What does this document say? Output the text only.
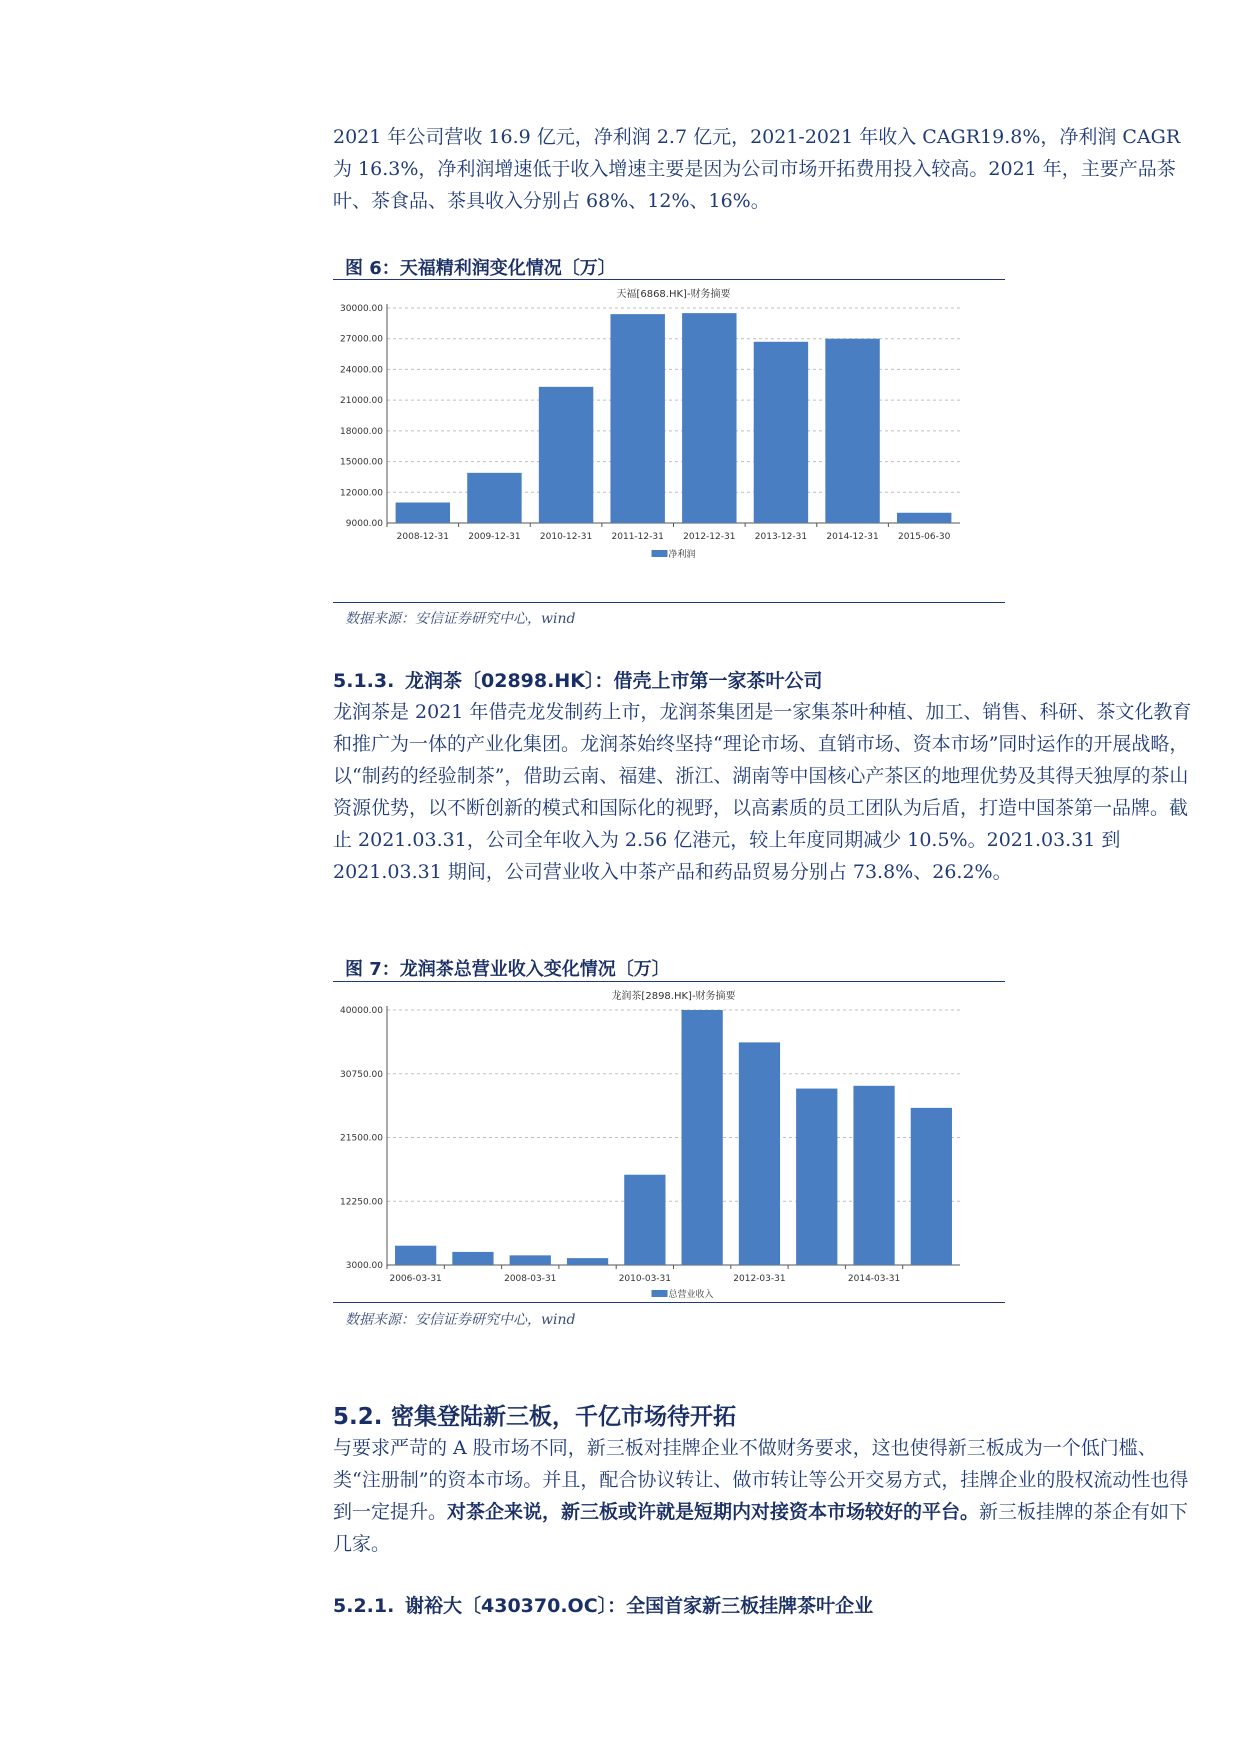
2021 年公司营收 16.9 亿元，净利润 2.7 亿元，2021-2021 年收入 CAGR19.8%，净利润 CAGR 为 16.3%，净利润增速低于收入增速主要是因为公司市场开拓费用投入较高。2021 年，主要产品茶叶、茶食品、茶具收入分别占 68%、12%、16%。

图 6：天福精利润变化情况〔万〕
天福[6868.HK]-财务摘要
9000.00
12000.00
15000.00
18000.00
21000.00
24000.00
27000.00
30000.00
2008-12-31 2009-12-31 2010-12-31 2011-12-31 2012-12-31 2013-12-31 2014-12-31 2015-06-30
净利润
数据来源：安信证券研究中心，wind
5.1.3. 龙润茶〔02898.HK〕：借壳上市第一家茶叶公司

龙润茶是 2021 年借壳龙发制药上市，龙润茶集团是一家集茶叶种植、加工、销售、科研、茶文化教育和推广为一体的产业化集团。龙润茶始终坚持“理论市场、直销市场、资本市场”同时运作的开展战略，以“制药的经验制茶”，借助云南、福建、浙江、湖南等中国核心产茶区的地理优势及其得天独厚的茶山资源优势，以不断创新的模式和国际化的视野，以高素质的员工团队为后盾，打造中国茶第一品牌。截止 2021.03.31，公司全年收入为 2.56 亿港元，较上年度同期减少 10.5%。2021.03.31 到 2021.03.31 期间，公司营业收入中茶产品和药品贸易分别占 73.8%、26.2%。

图 7：龙润茶总营业收入变化情况〔万〕
龙润茶[2898.HK]-财务摘要
3000.00
12250.00
21500.00
30750.00
40000.00
2006-03-31	2008-03-31	2010-03-31	2012-03-31	2014-03-31
总营业收入
数据来源：安信证券研究中心，wind
5.2. 密集登陆新三板，千亿市场待开拓

与要求严苛的 A 股市场不同，新三板对挂牌企业不做财务要求，这也使得新三板成为一个低门槛、类“注册制”的资本市场。并且，配合协议转让、做市转让等公开交易方式，挂牌企业的股权流动性也得到一定提升。对茶企来说，新三板或许就是短期内对接资本市场较好的平台。新三板挂牌的茶企有如下几家。

5.2.1. 谢裕大〔430370.OC〕：全国首家新三板挂牌茶叶企业
